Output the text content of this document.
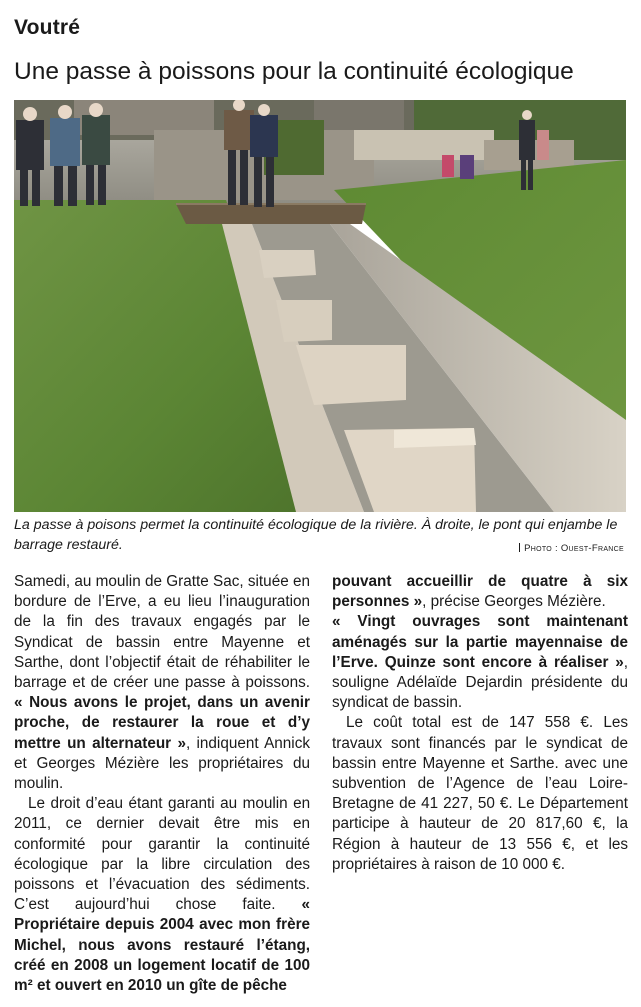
Voutré
Une passe à poissons pour la continuité écologique
La passe à poisons permet la continuité écologique de la rivière. À droite, le pont qui enjambe le barrage restauré.	Photo : Ouest-France

Samedi, au moulin de Gratte Sac, située en bordure de l’Erve, a eu lieu l’inauguration de la fin des travaux engagés par le Syndicat de bassin entre Mayenne et Sarthe, dont l’objectif était de réhabiliter le barrage et de créer une passe à poissons. « Nous avons le projet, dans un avenir proche, de restaurer la roue et d’y mettre un alternateur », indiquent Annick et Georges Mézière les propriétaires du moulin.

Le droit d’eau étant garanti au moulin en 2011, ce dernier devait être mis en conformité pour garantir la continuité écologique par la libre circulation des poissons et l’évacuation des sédiments. C’est aujourd’hui chose faite. « Propriétaire depuis 2004 avec mon frère Michel, nous avons restauré l’étang, créé en 2008 un logement locatif de 100 m² et ouvert en 2010 un gîte de pêche

pouvant accueillir de quatre à six personnes », précise Georges Mézière.

« Vingt ouvrages sont maintenant aménagés sur la partie mayennaise de l’Erve. Quinze sont encore à réaliser », souligne Adélaïde Dejardin présidente du syndicat de bassin.

Le coût total est de 147 558 €. Les travaux sont financés par le syndicat de bassin entre Mayenne et Sarthe. avec une subvention de l’Agence de l’eau Loire-Bretagne de 41 227, 50 €. Le Département participe à hauteur de 20 817,60 €, la Région à hauteur de 13 556 €, et les propriétaires à raison de 10 000 €.
